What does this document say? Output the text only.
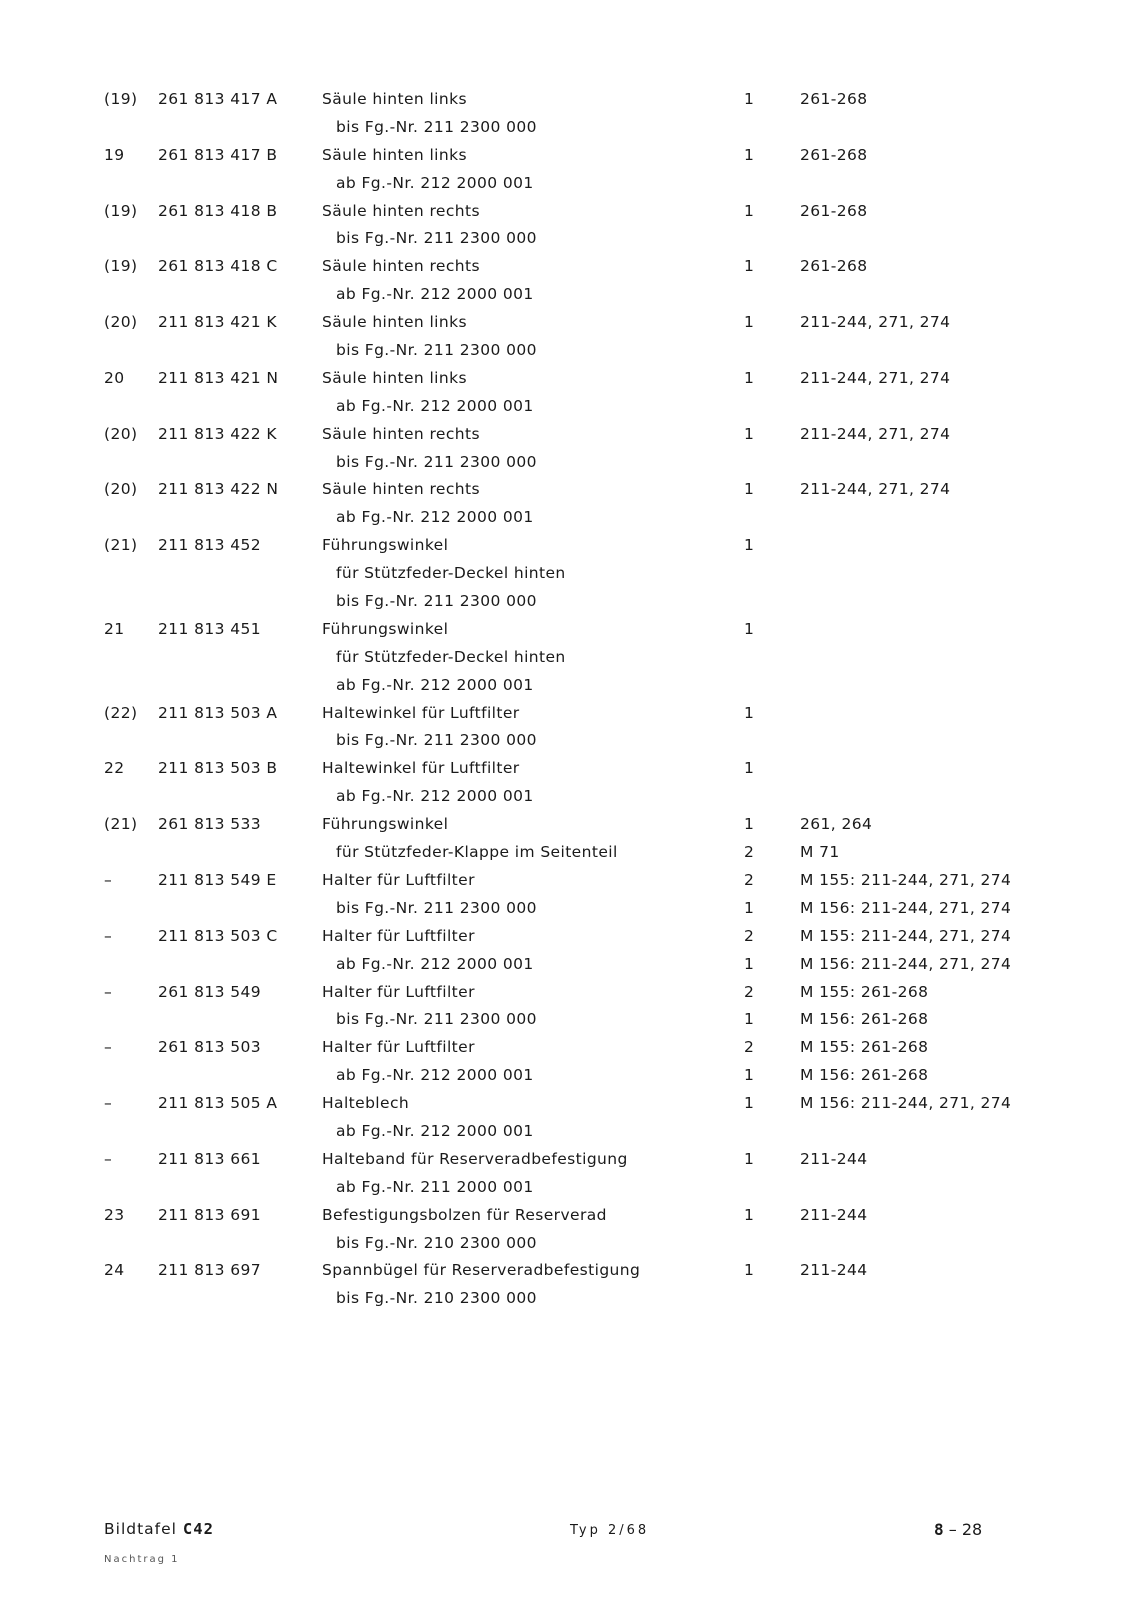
(19) 261 813 417 A	Säule hinten links	1	261-268
bis Fg.-Nr. 211 2300 000
19 261 813 417 B	Säule hinten links	1	261-268
ab Fg.-Nr. 212 2000 001
(19) 261 813 418 B	Säule hinten rechts	1	261-268
bis Fg.-Nr. 211 2300 000
(19) 261 813 418 C	Säule hinten rechts	1	261-268
ab Fg.-Nr. 212 2000 001
(20) 211 813 421 K	Säule hinten links	1	211-244, 271, 274
bis Fg.-Nr. 211 2300 000
20 211 813 421 N	Säule hinten links	1	211-244, 271, 274
ab Fg.-Nr. 212 2000 001
(20) 211 813 422 K	Säule hinten rechts	1	211-244, 271, 274
bis Fg.-Nr. 211 2300 000
(20) 211 813 422 N	Säule hinten rechts	1	211-244, 271, 274
ab Fg.-Nr. 212 2000 001
(21) 211 813 452	Führungswinkel	1
für Stützfeder-Deckel hinten
bis Fg.-Nr. 211 2300 000
21 211 813 451	Führungswinkel	1
für Stützfeder-Deckel hinten
ab Fg.-Nr. 212 2000 001
(22) 211 813 503 A	Haltewinkel für Luftfilter	1
bis Fg.-Nr. 211 2300 000
22 211 813 503 B	Haltewinkel für Luftfilter	1
ab Fg.-Nr. 212 2000 001
(21) 261 813 533	Führungswinkel	1	261, 264
für Stützfeder-Klappe im Seitenteil	2	M 71
–	211 813 549 E	Halter für Luftfilter	2	M 155: 211-244, 271, 274
bis Fg.-Nr. 211 2300 000	1	M 156: 211-244, 271, 274
–	211 813 503 C	Halter für Luftfilter	2	M 155: 211-244, 271, 274
ab Fg.-Nr. 212 2000 001	1	M 156: 211-244, 271, 274
–	261 813 549	Halter für Luftfilter	2	M 155: 261-268
bis Fg.-Nr. 211 2300 000	1	M 156: 261-268
–	261 813 503	Halter für Luftfilter	2	M 155: 261-268
ab Fg.-Nr. 212 2000 001	1	M 156: 261-268
–	211 813 505 A	Halteblech	1	M 156: 211-244, 271, 274
ab Fg.-Nr. 212 2000 001
–	211 813 661	Halteband für Reserveradbefestigung	1	211-244
ab Fg.-Nr. 211 2000 001
23 211 813 691	Befestigungsbolzen für Reserverad	1	211-244
bis Fg.-Nr. 210 2300 000
24 211 813 697	Spannbügel für Reserveradbefestigung	1	211-244
bis Fg.-Nr. 210 2300 000
Bildtafel C42	Typ 2/68	8 – 28
Nachtrag 1
